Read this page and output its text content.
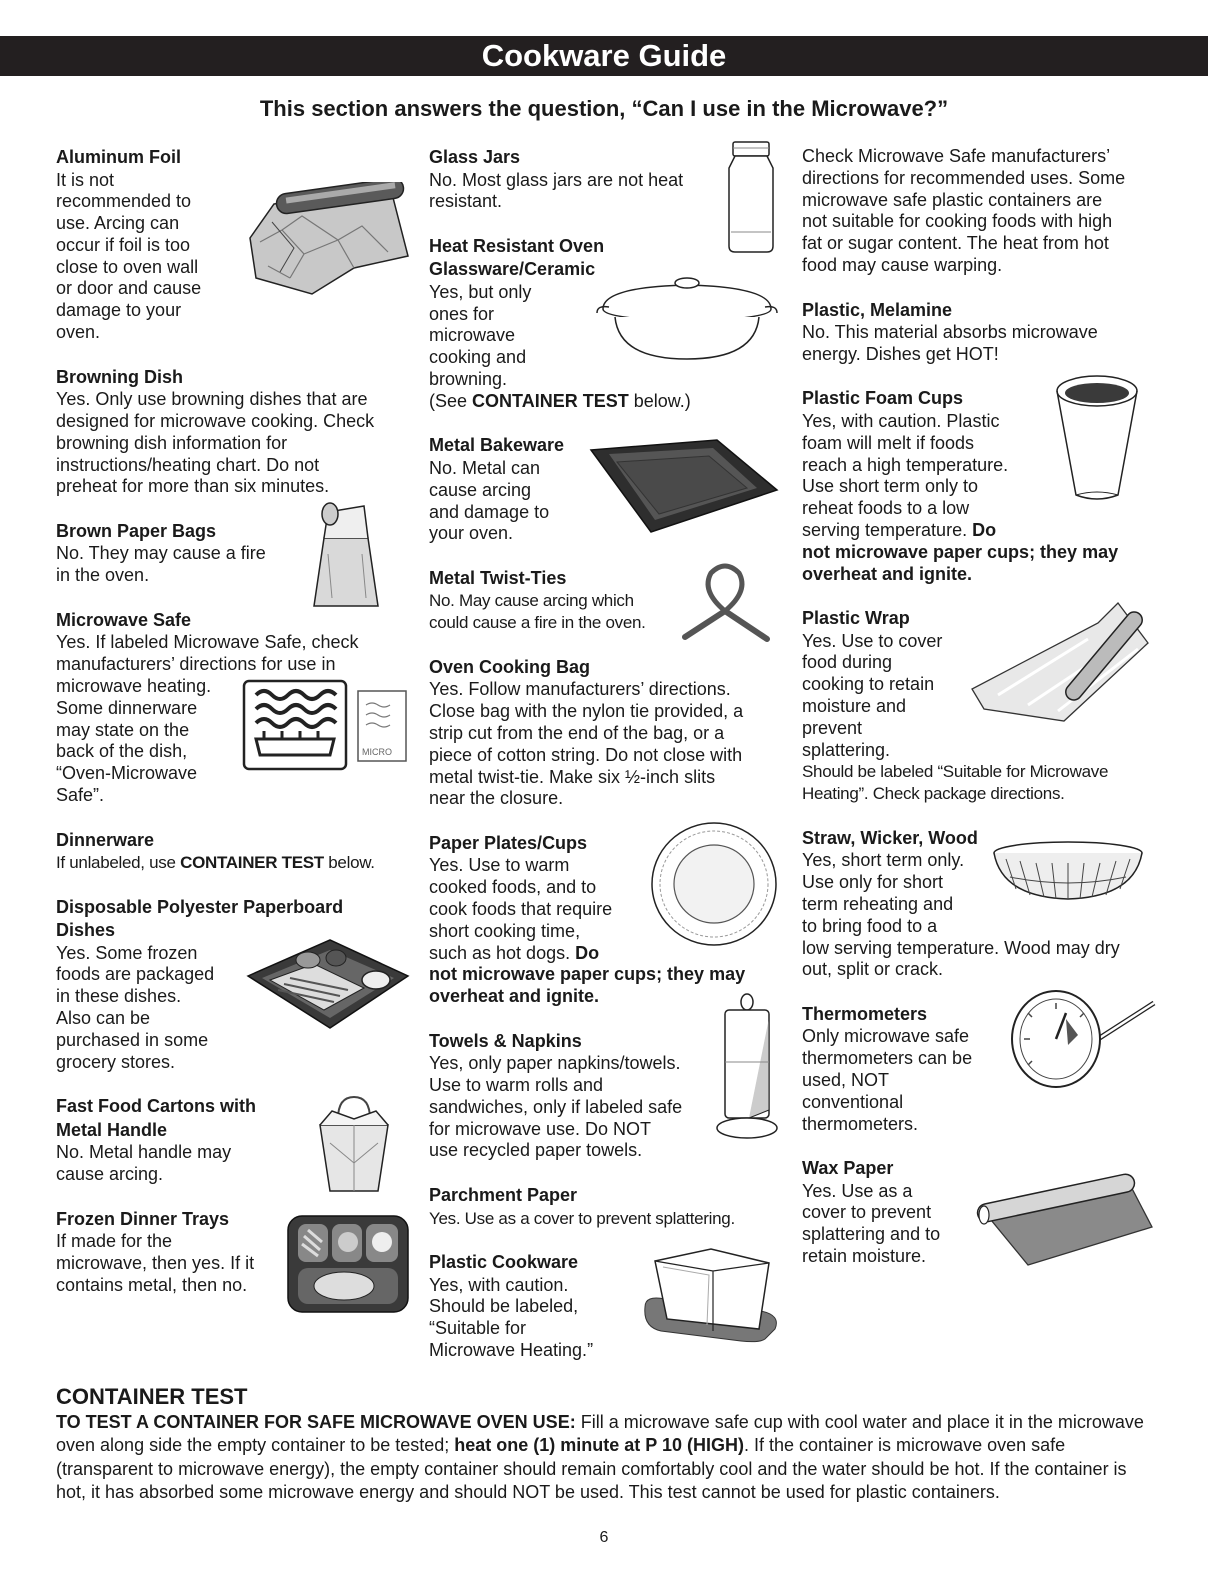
Cookware Guide
This section answers the question, “Can I use in the Microwave?”
Aluminum Foil

It is not
recommended to
use. Arcing can
occur if foil is too
close to oven wall
or door and cause
damage to your
oven.

Browning Dish

Yes. Only use browning dishes that are
designed for microwave cooking. Check
browning dish information for
instructions/heating chart. Do not
preheat for more than six minutes.

Brown Paper Bags

No. They may cause a fire
in the oven.

Microwave Safe

Yes. If labeled Microwave Safe, check
manufacturers’ directions for use in
microwave heating.
Some dinnerware
may state on the
back of the dish,
“Oven-Microwave
Safe”.

MICRO
Dinnerware

If unlabeled, use CONTAINER TEST below.

Disposable Polyester Paperboard
Dishes

Yes. Some frozen
foods are packaged
in these dishes.
Also can be
purchased in some
grocery stores.

Fast Food Cartons with
Metal Handle

No. Metal handle may
cause arcing.

Frozen Dinner Trays

If made for the
microwave, then yes. If it
contains metal, then no.

Glass Jars

No. Most glass jars are not heat
resistant.

Heat Resistant Oven
Glassware/Ceramic

Yes, but only
ones for
microwave
cooking and
browning.
(See CONTAINER TEST below.)

Metal Bakeware

No. Metal can
cause arcing
and damage to
your oven.

Metal Twist-Ties

No. May cause arcing which
could cause a fire in the oven.

Oven Cooking Bag

Yes. Follow manufacturers’ directions.
Close bag with the nylon tie provided, a
strip cut from the end of the bag, or a
piece of cotton string. Do not close with
metal twist-tie. Make six ½-inch slits
near the closure.

Paper Plates/Cups

Yes. Use to warm
cooked foods, and to
cook foods that require
short cooking time,
such as hot dogs. Do
not microwave paper cups; they may
overheat and ignite.

Towels & Napkins

Yes, only paper napkins/towels.
Use to warm rolls and
sandwiches, only if labeled safe
for microwave use. Do NOT
use recycled paper towels.

Parchment Paper

Yes. Use as a cover to prevent splattering.

Plastic Cookware

Yes, with caution.
Should be labeled,
“Suitable for
Microwave Heating.”

Check Microwave Safe manufacturers’
directions for recommended uses. Some
microwave safe plastic containers are
not suitable for cooking foods with high
fat or sugar content. The heat from hot
food may cause warping.

Plastic, Melamine

No. This material absorbs microwave
energy. Dishes get HOT!

Plastic Foam Cups

Yes, with caution. Plastic
foam will melt if foods
reach a high temperature.
Use short term only to
reheat foods to a low
serving temperature. Do
not microwave paper cups; they may
overheat and ignite.

Plastic Wrap

Yes. Use to cover
food during
cooking to retain
moisture and
prevent
splattering.
Should be labeled “Suitable for Microwave
Heating”. Check package directions.

Straw, Wicker, Wood

Yes, short term only.
Use only for short
term reheating and
to bring food to a
low serving temperature. Wood may dry
out, split or crack.

Thermometers

Only microwave safe
thermometers can be
used, NOT
conventional
thermometers.

Wax Paper

Yes. Use as a
cover to prevent
splattering and to
retain moisture.

CONTAINER TEST

TO TEST A CONTAINER FOR SAFE MICROWAVE OVEN USE: Fill a microwave safe cup with cool water and place it in the microwave oven along side the empty container to be tested; heat one (1) minute at P 10 (HIGH). If the container is microwave oven safe (transparent to microwave energy), the empty container should remain comfortably cool and the water should be hot. If the container is hot, it has absorbed some microwave energy and should NOT be used. This test cannot be used for plastic containers.

6
